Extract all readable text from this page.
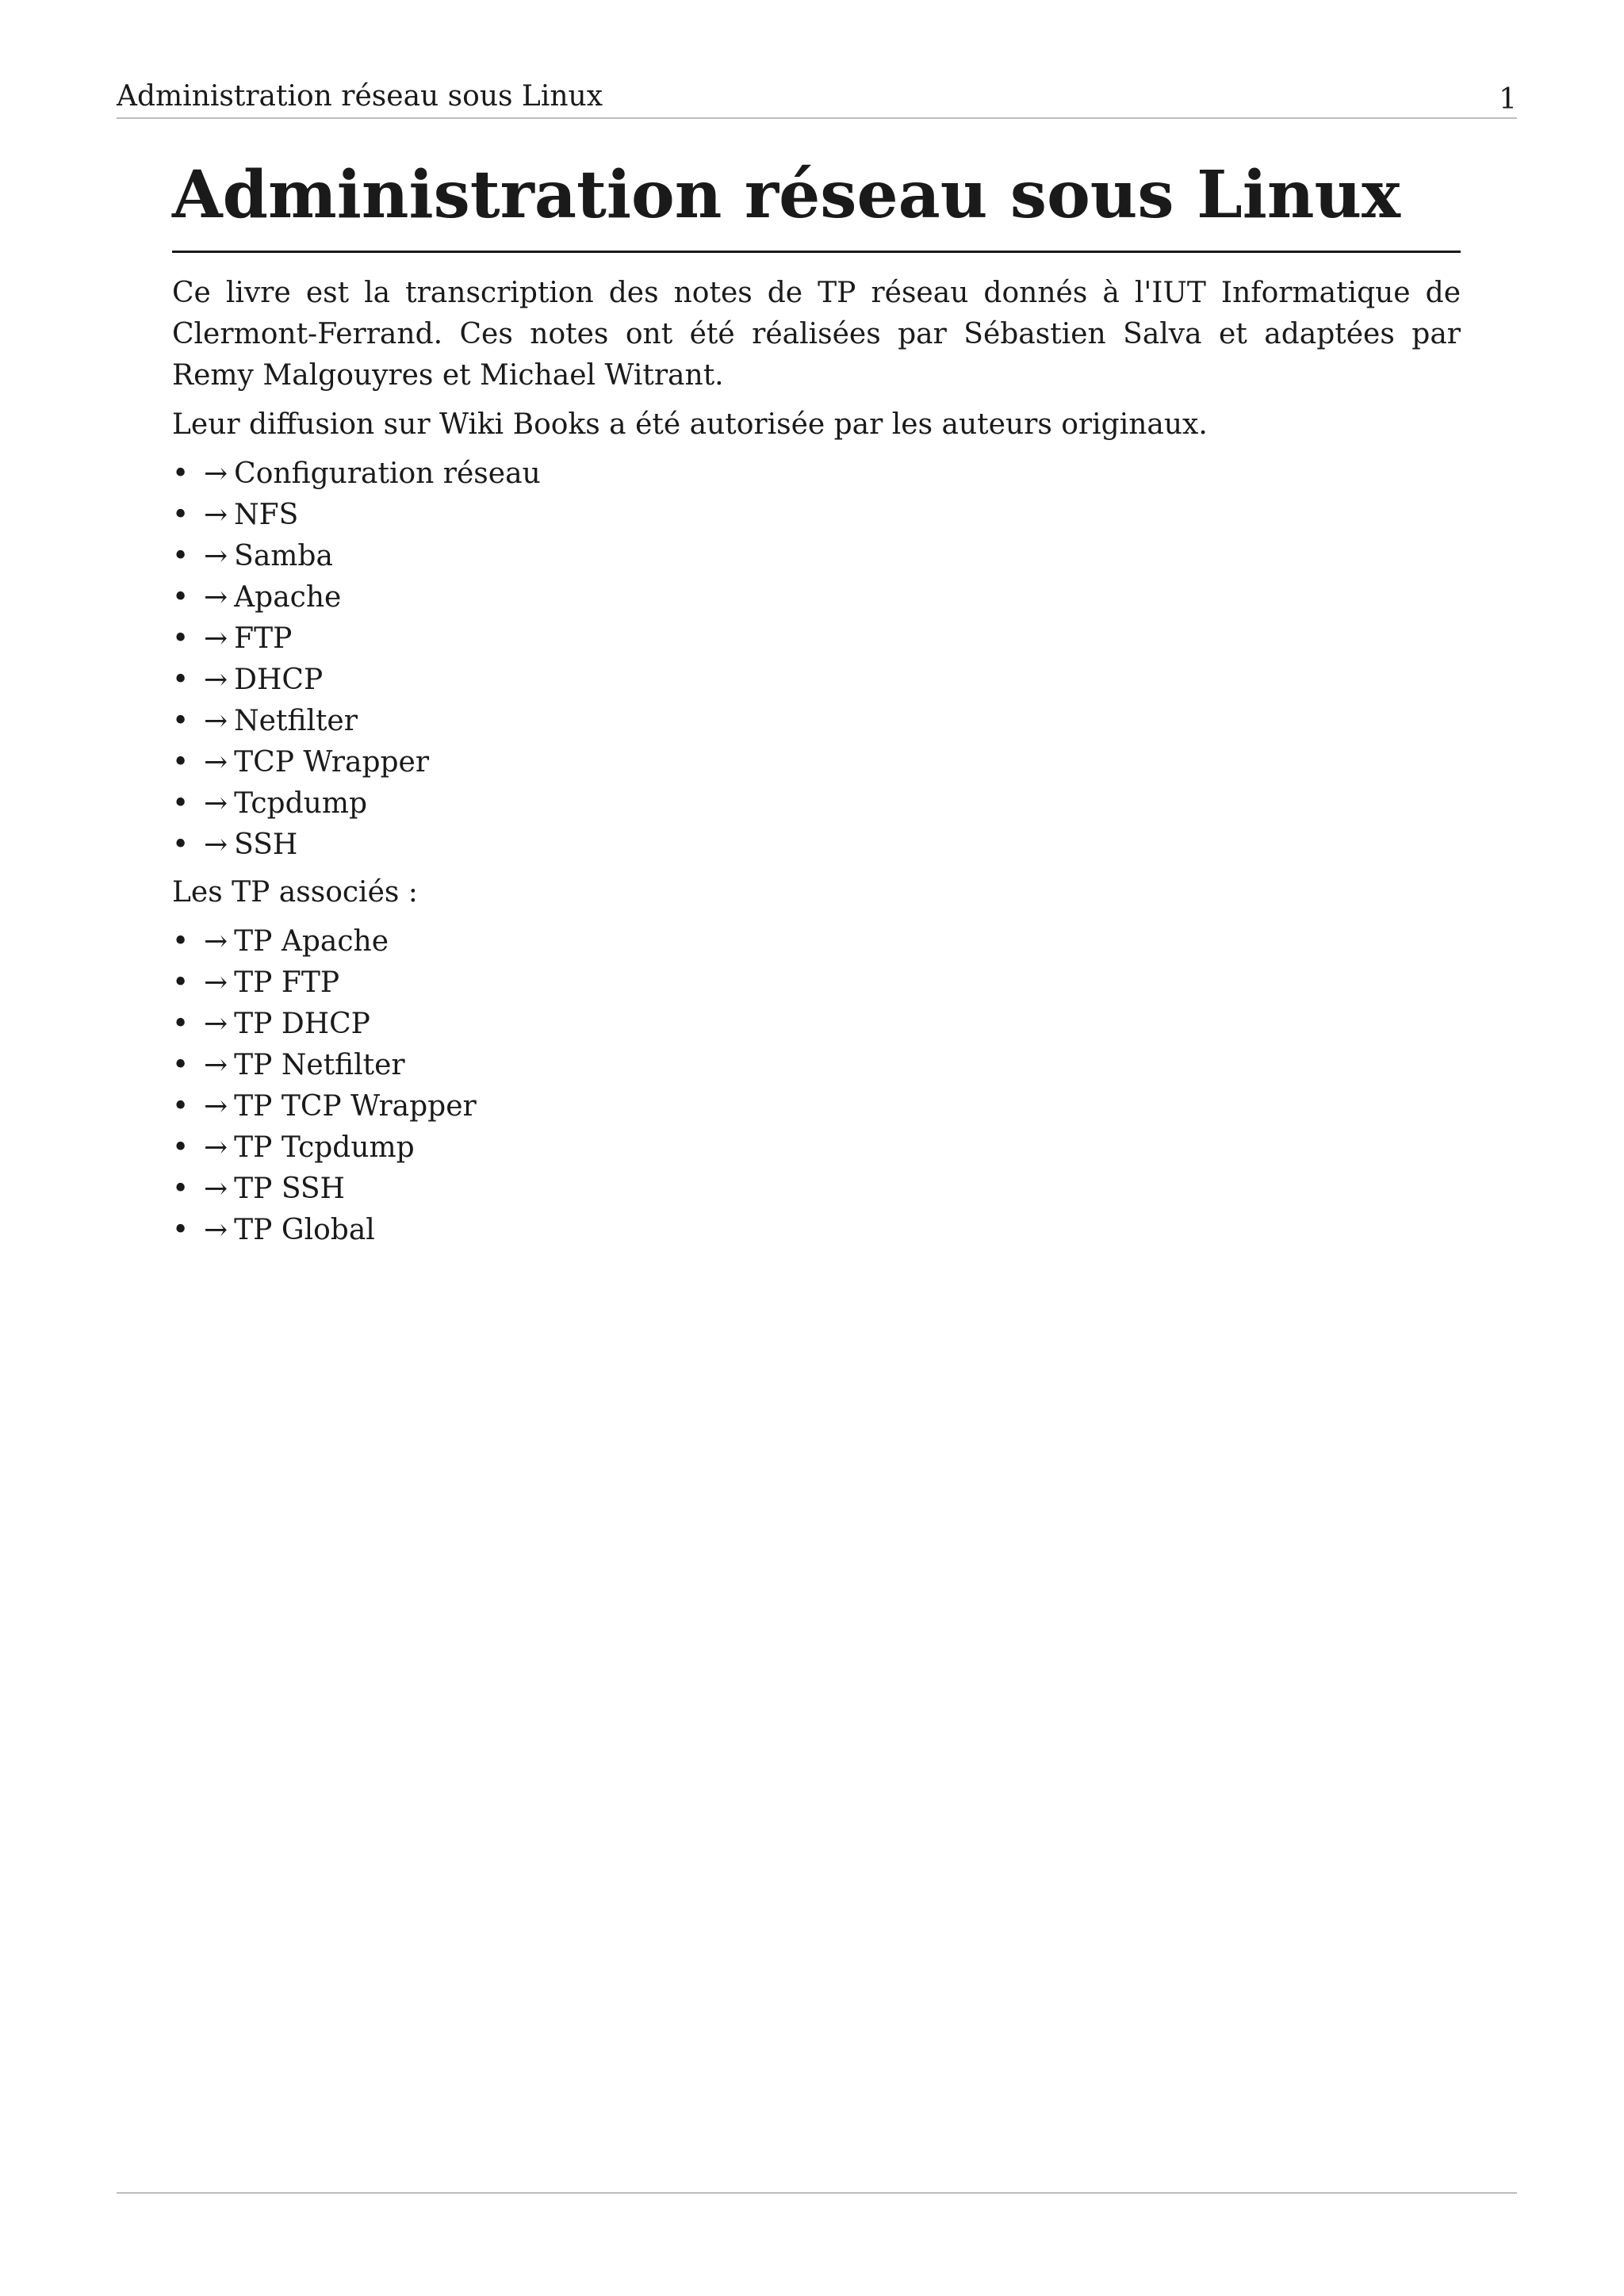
Administration réseau sous Linux	1
Administration réseau sous Linux

Ce livre est la transcription des notes de TP réseau donnés à l'IUT Informatique de Clermont-Ferrand. Ces notes ont été réalisées par Sébastien Salva et adaptées par Remy Malgouyres et Michael Witrant.

Leur diffusion sur Wiki Books a été autorisée par les auteurs originaux.

• → Configuration réseau
• → NFS
• → Samba
• → Apache
• → FTP
• → DHCP
• → Netfilter
• → TCP Wrapper
• → Tcpdump
• → SSH

Les TP associés :

• → TP Apache
• → TP FTP
• → TP DHCP
• → TP Netfilter
• → TP TCP Wrapper
• → TP Tcpdump
• → TP SSH
• → TP Global
